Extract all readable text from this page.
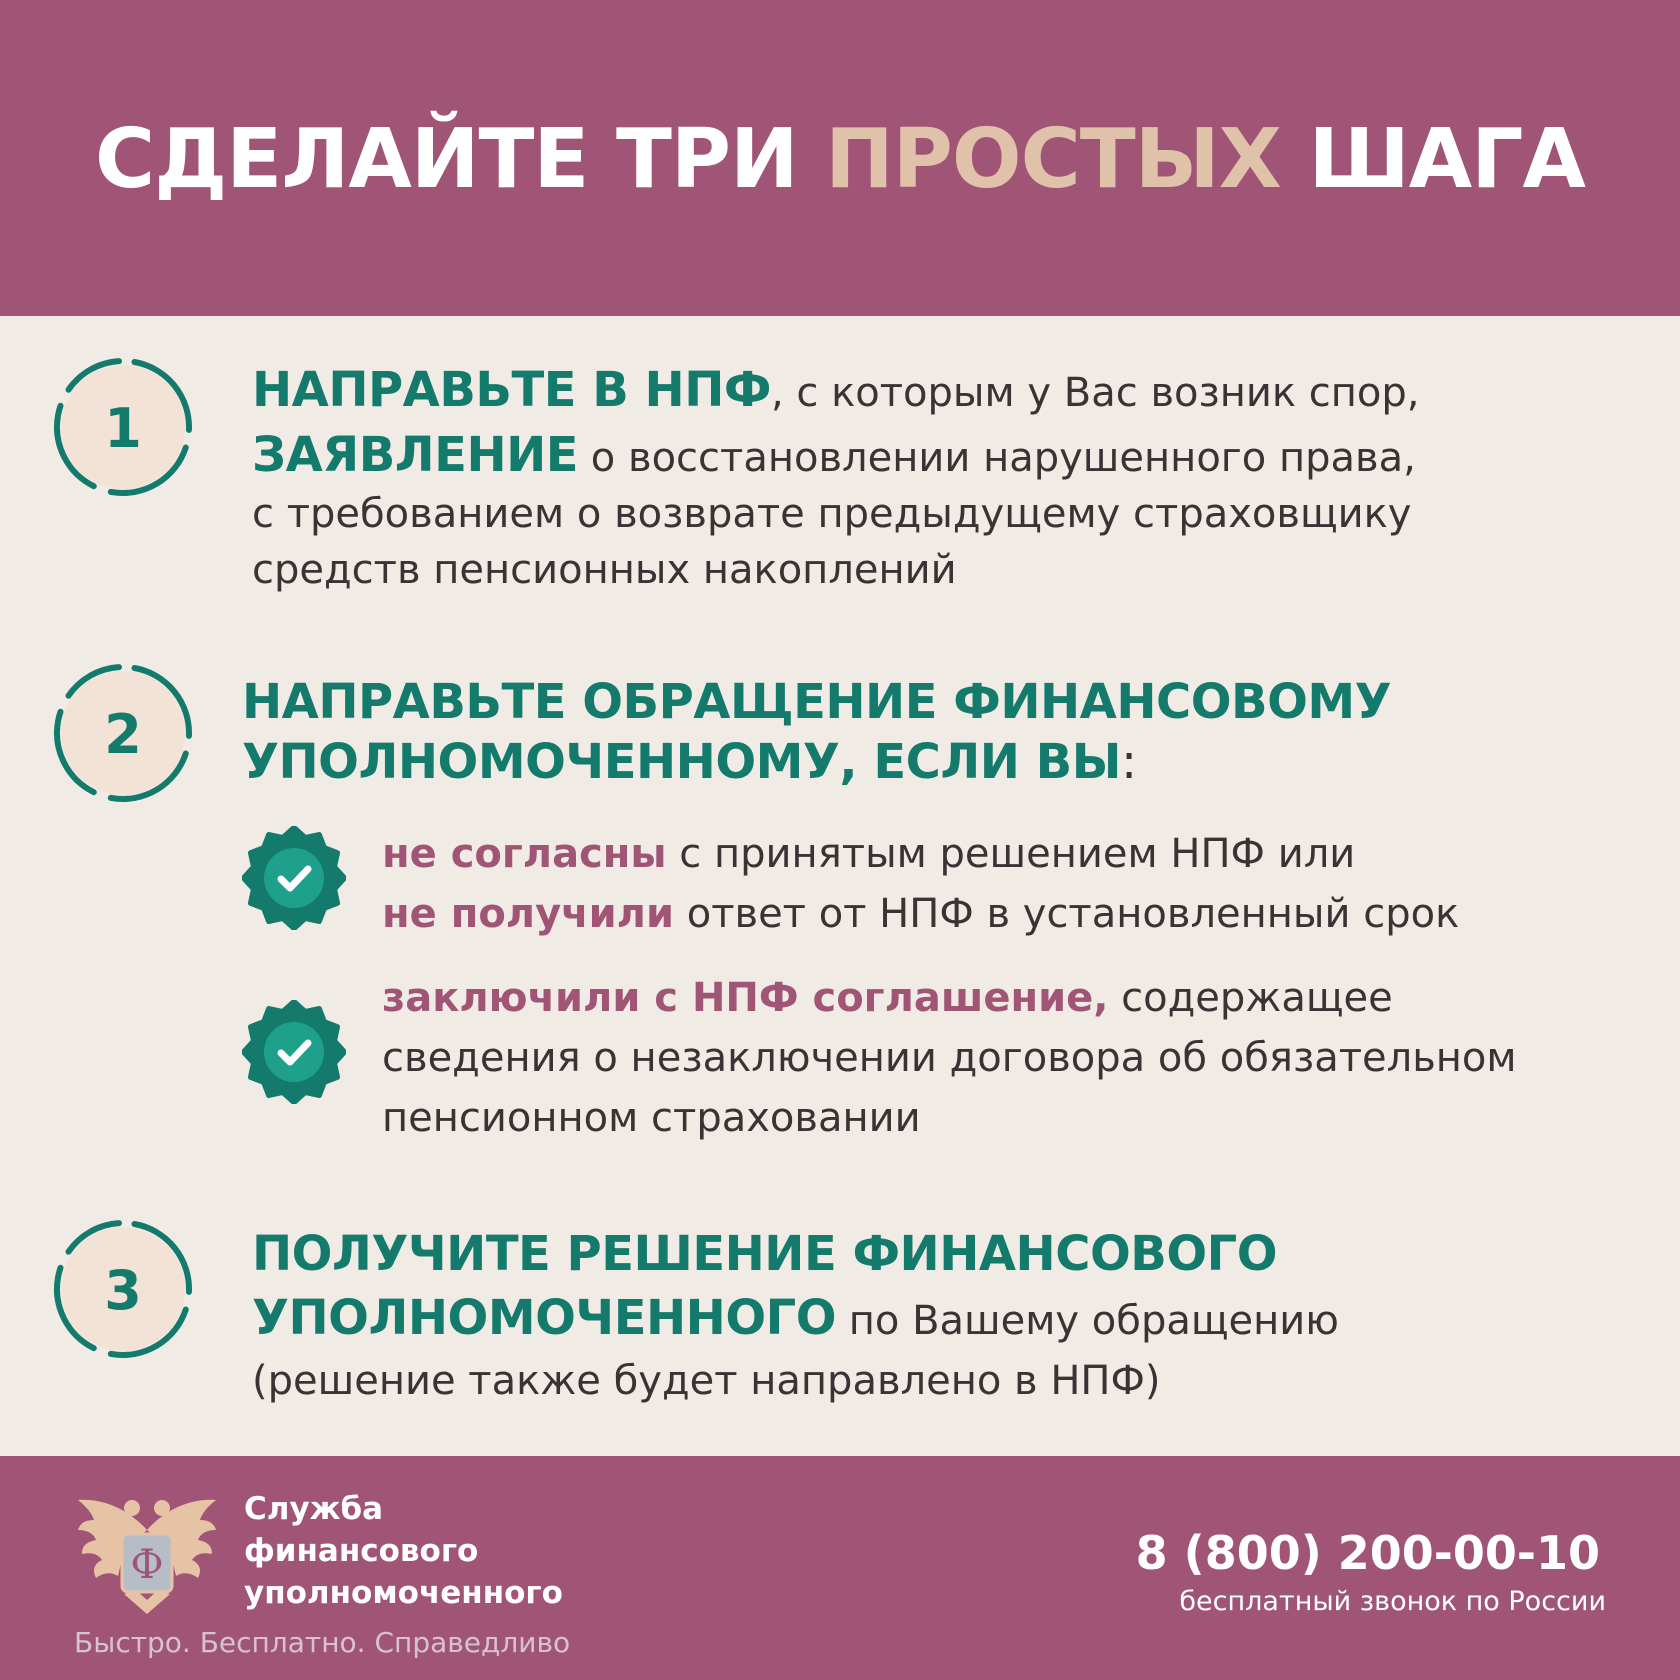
СДЕЛАЙТЕ ТРИ ПРОСТЫХ ШАГА
1
НАПРАВЬТЕ В НПФ, с которым у Вас возник спор,
ЗАЯВЛЕНИЕ о восстановлении нарушенного права,
с требованием о возврате предыдущему страховщику
средств пенсионных накоплений
2
НАПРАВЬТЕ ОБРАЩЕНИЕ ФИНАНСОВОМУ
УПОЛНОМОЧЕННОМУ, ЕСЛИ ВЫ:
не согласны с принятым решением НПФ или
не получили ответ от НПФ в установленный срок
заключили с НПФ соглашение, содержащее
сведения о незаключении договора об обязательном
пенсионном страховании
3
ПОЛУЧИТЕ РЕШЕНИЕ ФИНАНСОВОГО
УПОЛНОМОЧЕННОГО по Вашему обращению
(решение также будет направлено в НПФ)
Ф
Служба
финансового
уполномоченного
Быстро. Бесплатно. Справедливо
8 (800) 200-00-10
бесплатный звонок по России
